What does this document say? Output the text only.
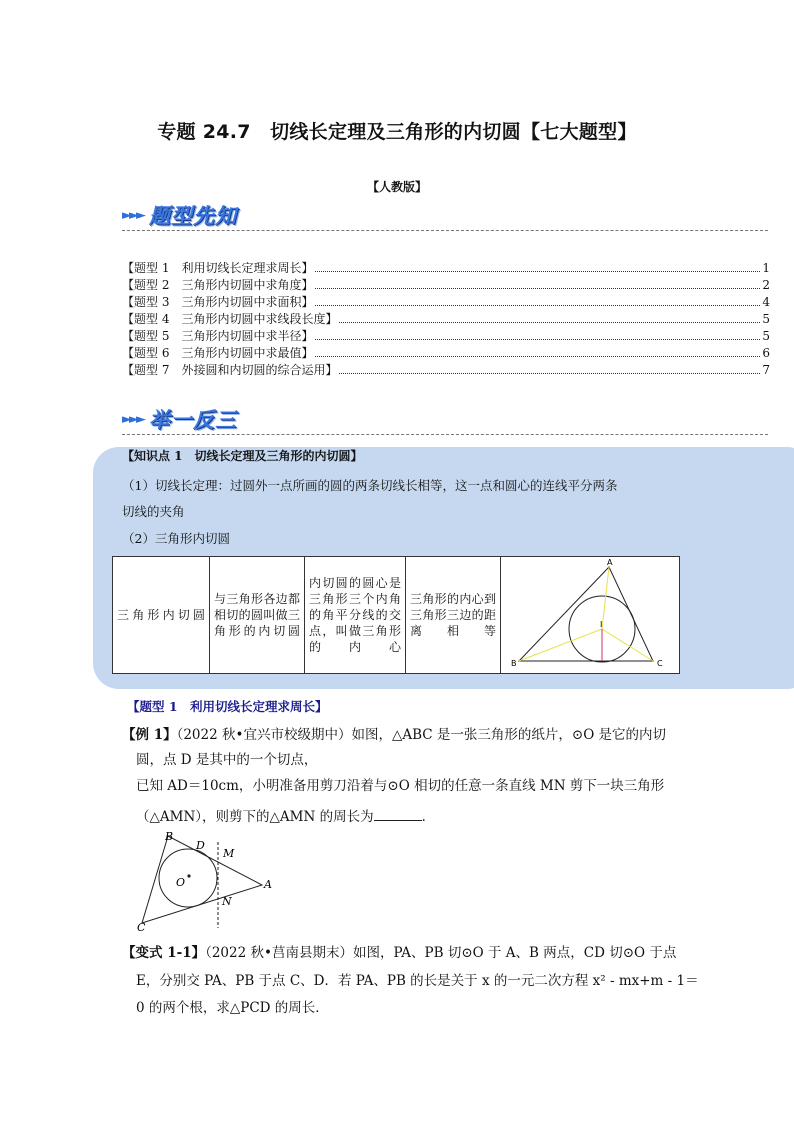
专题 24.7　切线长定理及三角形的内切圆【七大题型】
【人教版】
►►► 题型先知
【题型 1 利用切线长定理求周长】	1
【题型 2 三角形内切圆中求角度】	2
【题型 3 三角形内切圆中求面积】	4
【题型 4 三角形内切圆中求线段长度】	5
【题型 5 三角形内切圆中求半径】	5
【题型 6 三角形内切圆中求最值】	6
【题型 7 外接圆和内切圆的综合运用】	7
►►► 举一反三
【知识点 1　切线长定理及三角形的内切圆】
（1）切线长定理：过圆外一点所画的圆的两条切线长相等，这一点和圆心的连线平分两条
切线的夹角
（2）三角形内切圆
三角形内切圆	与三角形各边都相切的圆叫做三角形的内切圆	内切圆的圆心是三角形三个内角的角平分线的交点，叫做三角形的内心	三角形的内心到三角形三边的距离相等	
A
B	C
I
【题型 1　利用切线长定理求周长】
【例 1】（2022 秋•宜兴市校级期中）如图，△ABC 是一张三角形的纸片，⊙O 是它的内切
圆，点 D 是其中的一个切点，
已知 AD＝10cm，小明准备用剪刀沿着与⊙O 相切的任意一条直线 MN 剪下一块三角形
（△AMN），则剪下的△AMN 的周长为	．
B
D
M
O	A
N
C
【变式 1-1】（2022 秋•莒南县期末）如图，PA、PB 切⊙O 于 A、B 两点，CD 切⊙O 于点
E，分别交 PA、PB 于点 C、D．若 PA、PB 的长是关于 x 的一元二次方程 x² - mx+m - 1＝
0 的两个根，求△PCD 的周长．
